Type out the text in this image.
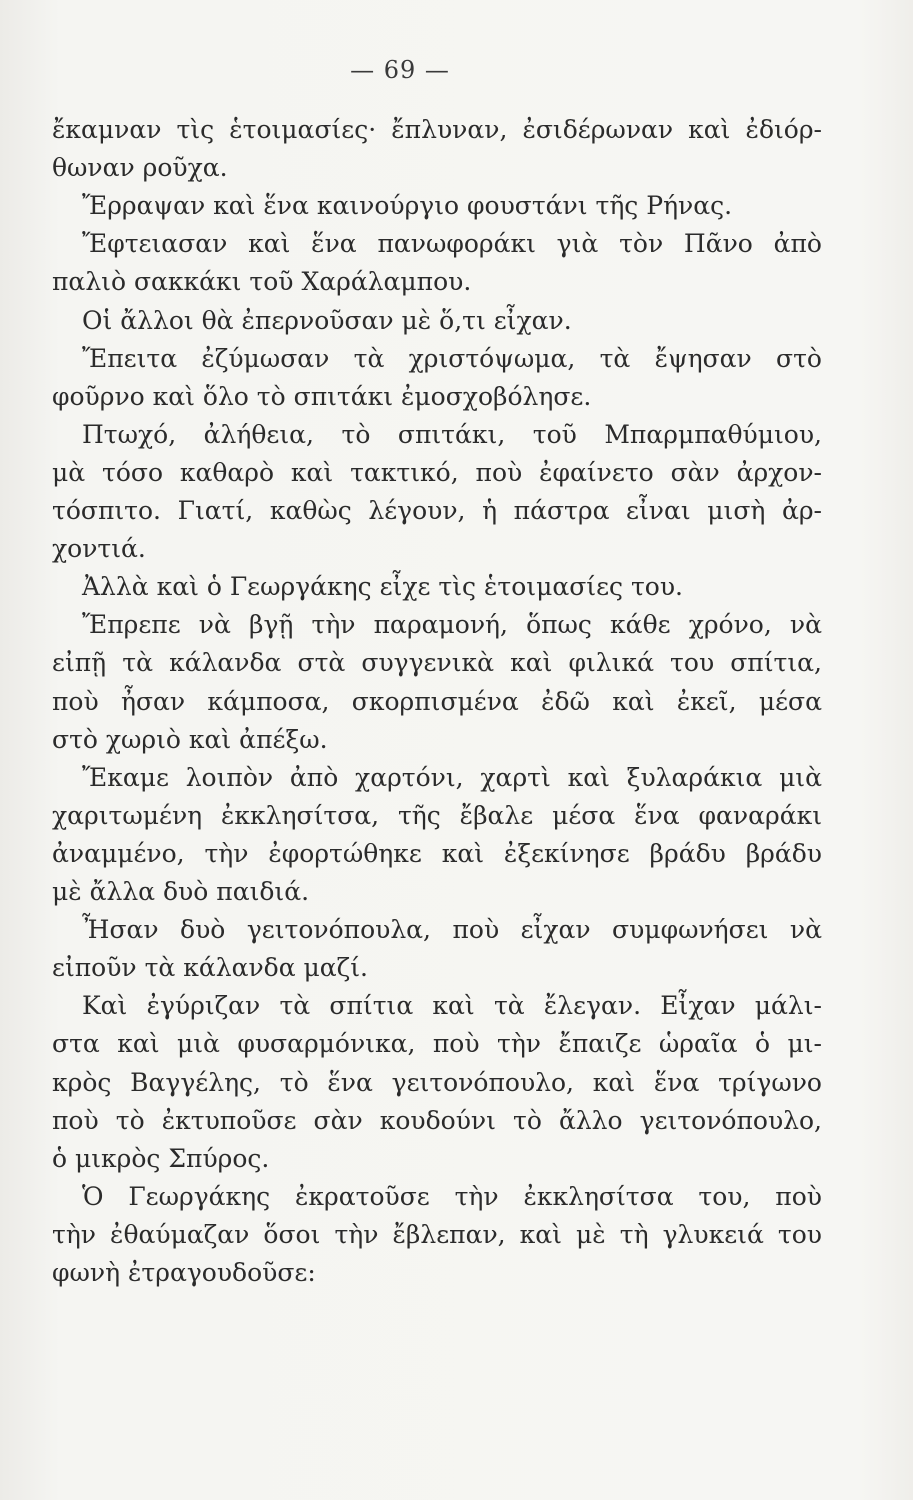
— 69 —
ἔκαμναν τὶς ἑτοιμασίες· ἔπλυναν, ἐσιδέρωναν καὶ ἐδιόρ-
θωναν ροῦχα.
Ἔρραψαν καὶ ἕνα καινούργιο φουστάνι τῆς Ρήνας.
Ἔφτειασαν καὶ ἕνα πανωφοράκι γιὰ τὸν Πᾶνο ἀπὸ
παλιὸ σακκάκι τοῦ Χαράλαμπου.
Οἱ ἄλλοι θὰ ἐπερνοῦσαν μὲ ὅ,τι εἶχαν.
Ἔπειτα ἐζύμωσαν τὰ χριστόψωμα, τὰ ἔψησαν στὸ
φοῦρνο καὶ ὅλο τὸ σπιτάκι ἐμοσχοβόλησε.
Πτωχό, ἀλήθεια, τὸ σπιτάκι, τοῦ Μπαρμπαθύμιου,
μὰ τόσο καθαρὸ καὶ τακτικό, ποὺ ἐφαίνετο σὰν ἀρχον-
τόσπιτο. Γιατί, καθὼς λέγουν, ἡ πάστρα εἶναι μισὴ ἀρ-
χοντιά.
Ἀλλὰ καὶ ὁ Γεωργάκης εἶχε τὶς ἑτοιμασίες του.
Ἔπρεπε νὰ βγῇ τὴν παραμονή, ὅπως κάθε χρόνο, νὰ
εἰπῇ τὰ κάλανδα στὰ συγγενικὰ καὶ φιλικά του σπίτια,
ποὺ ἦσαν κάμποσα, σκορπισμένα ἐδῶ καὶ ἐκεῖ, μέσα
στὸ χωριὸ καὶ ἀπέξω.
Ἔκαμε λοιπὸν ἀπὸ χαρτόνι, χαρτὶ καὶ ξυλαράκια μιὰ
χαριτωμένη ἐκκλησίτσα, τῆς ἔβαλε μέσα ἕνα φαναράκι
ἀναμμένο, τὴν ἐφορτώθηκε καὶ ἐξεκίνησε βράδυ βράδυ
μὲ ἄλλα δυὸ παιδιά.
Ἦσαν δυὸ γειτονόπουλα, ποὺ εἶχαν συμφωνήσει νὰ
εἰποῦν τὰ κάλανδα μαζί.
Καὶ ἐγύριζαν τὰ σπίτια καὶ τὰ ἔλεγαν. Εἶχαν μάλι-
στα καὶ μιὰ φυσαρμόνικα, ποὺ τὴν ἔπαιζε ὡραῖα ὁ μι-
κρὸς Βαγγέλης, τὸ ἕνα γειτονόπουλο, καὶ ἕνα τρίγωνο
ποὺ τὸ ἐκτυποῦσε σὰν κουδούνι τὸ ἄλλο γειτονόπουλο,
ὁ μικρὸς Σπύρος.
Ὁ Γεωργάκης ἐκρατοῦσε τὴν ἐκκλησίτσα του, ποὺ
τὴν ἐθαύμαζαν ὅσοι τὴν ἔβλεπαν, καὶ μὲ τὴ γλυκειά του
φωνὴ ἐτραγουδοῦσε:
